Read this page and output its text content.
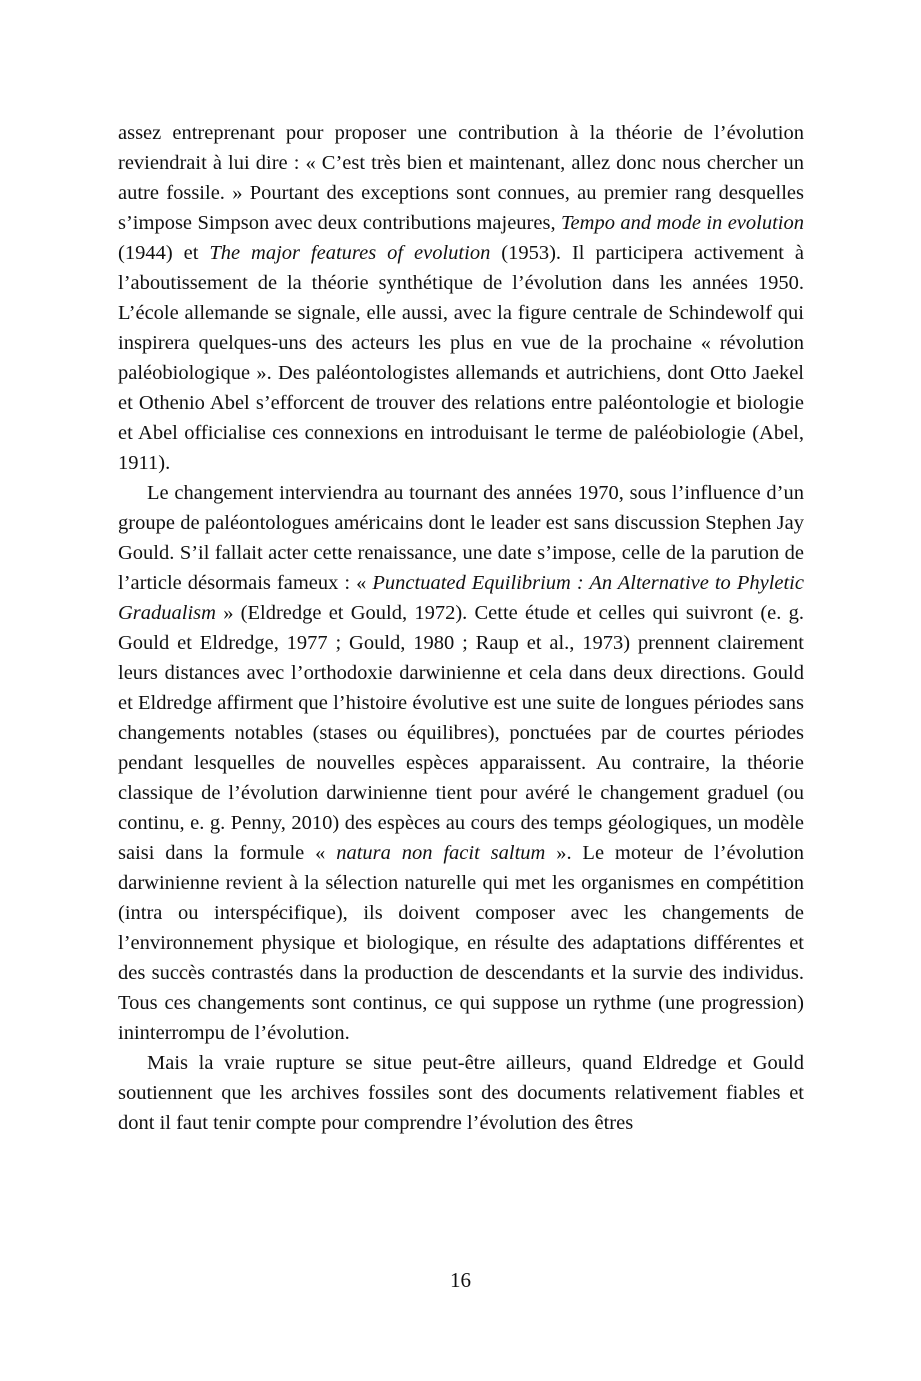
assez entreprenant pour proposer une contribution à la théorie de l’évolution reviendrait à lui dire : « C’est très bien et maintenant, allez donc nous chercher un autre fossile. » Pourtant des exceptions sont connues, au premier rang desquelles s’impose Simpson avec deux contributions majeures, Tempo and mode in evolution (1944) et The major features of evolution (1953). Il participera activement à l’aboutissement de la théorie synthétique de l’évolution dans les années 1950. L’école allemande se signale, elle aussi, avec la figure centrale de Schindewolf qui inspirera quelques-uns des acteurs les plus en vue de la prochaine « révolution paléobiologique ». Des paléontologistes allemands et autrichiens, dont Otto Jaekel et Othenio Abel s’efforcent de trouver des relations entre paléontologie et biologie et Abel officialise ces connexions en introduisant le terme de paléobiologie (Abel, 1911).

Le changement interviendra au tournant des années 1970, sous l’influence d’un groupe de paléontologues américains dont le leader est sans discussion Stephen Jay Gould. S’il fallait acter cette renaissance, une date s’impose, celle de la parution de l’article désormais fameux : « Punctuated Equilibrium : An Alternative to Phyletic Gradualism » (Eldredge et Gould, 1972). Cette étude et celles qui suivront (e. g. Gould et Eldredge, 1977 ; Gould, 1980 ; Raup et al., 1973) prennent clairement leurs distances avec l’orthodoxie darwinienne et cela dans deux directions. Gould et Eldredge affirment que l’histoire évolutive est une suite de longues périodes sans changements notables (stases ou équilibres), ponctuées par de courtes périodes pendant lesquelles de nouvelles espèces apparaissent. Au contraire, la théorie classique de l’évolution darwinienne tient pour avéré le changement graduel (ou continu, e. g. Penny, 2010) des espèces au cours des temps géologiques, un modèle saisi dans la formule « natura non facit saltum ». Le moteur de l’évolution darwinienne revient à la sélection naturelle qui met les organismes en compétition (intra ou interspécifique), ils doivent composer avec les changements de l’environnement physique et biologique, en résulte des adaptations différentes et des succès contrastés dans la production de descendants et la survie des individus. Tous ces changements sont continus, ce qui suppose un rythme (une progression) ininterrompu de l’évolution.

Mais la vraie rupture se situe peut-être ailleurs, quand Eldredge et Gould soutiennent que les archives fossiles sont des documents relativement fiables et dont il faut tenir compte pour comprendre l’évolution des êtres

16
